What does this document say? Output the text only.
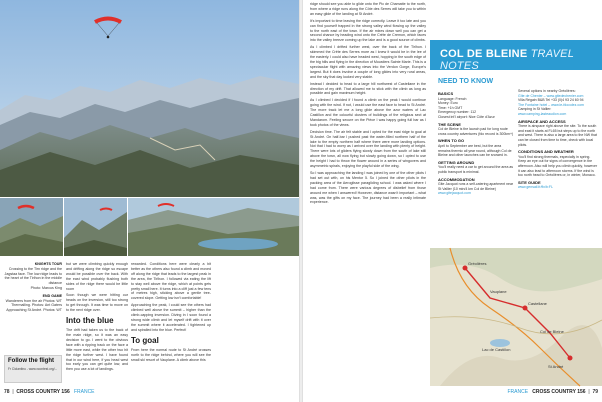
KNIGHTS TOUR
Crossing to the Tirn ridge and the Jagstaa face. The low ridge leads to the heart of the Tirlhon in the middle distance
Photo: Marcus King
END GAME
Wanderers from the air Photos: WT
Thermalling. Photos: Ant Gaters
Approaching St André. Photos: WT
Follow the flight
Fr Ciclantinu - www.xcontest.org/...

but we were climbing quickly enough and drifting along the ridge so escape would be possible over the back. With the east wind probably flushing both sides of the ridge there would be little room

Soon though we were hitting our heads on the inversion, still too strong to get through. It was time to move on to the next ridge over.

Into the blue

The drift had taken us to the back of the main ridge, so it was an easy decision to go. I went to the obvious face with a ripping track on the face a little more east, while the other two hit the ridge further west. I have found that in our wind here, if you head west too early you can get quite low, and then you use a lot of landings.

rewarded. Conditions here were clearly a bit better as the others also found a climb and moved off along the ridge that leads to the largest peak in the area, the Tirlhon. I followed via eating the lift to stay well above the ridge, which at points gets pretty small here. It turns into a cliff just a few tens of metres high, sticking above a gentle tree-covered slope. Getting low isn't comfortable!

Approaching the peak, I could see the others had climbed well above the summit – higher than the climb-capping inversion. Diving in I soon found a strong wide climb and let myself drift with it over the summit where it accelerated. I tightened up and spiralled into the blue. Perfect!

To goal

From here the normal route to St André crosses north to the ridge behind, where you will see the small ski resort of Vauplane. A climb above this

78  |  CROSS COUNTRY 156 FRANCE

ridge should see you able to glide onto the Pic de Chamatte to the north, from where a ridge runs along the Côte des Serres will take you to within an easy glide of the landing at St André.

It's important to time leaving the ridge correctly. Leave it too late and you can find yourself trapped in the strong valley wind flowing up the valley to the north east of the town. If the air mixes down well you can get a second chance by heading wind onto the Crête de Cremon, which faces into the valley breeze coming up the lake and is a good source of climbs.

As I climbed I drifted further west, over the back of the Tirlhon. I skimmed the Crête des Serres more as I knew it would be in the lee of the easterly. I could also have headed west, hopping in the south edge of the big hills and flying in the direction of Moustiers Sainte Marie. This is a spectacular flight with amazing views into the Verdon Gorge, Europe's largest. But it does involve a couple of long glides into very rural areas, and the sky that day looked very stable.

Instead I decided to head to a large hill northwest of Castellane in the direction of my drift. That allowed me to stick with the climb as long as possible and gain maximum height.

As I climbed I decided if I found a climb on the peak I would continue going with the wind. If not, I would use the east face to head to St André. The more track let me a long glide above the azur waters of Lac Castillon and the colourful clusters of buildings of the religious sect at Mandarom. Feeling secure on the Pièce I was happy going full bar as I took photos of the views.

Decision time. The air felt stable and I opted for the east ridge to goal at St André. On half-bar I pushed past the water-filled northern half of the lake to the empty northern half where there were more landing options. Not that I had to worry as I arrived over the landing with plenty of height. There were lots of gliders flying slowly down from the south of lake still above the town, all now flying but slowly going down, so I opted to use the height I had to throw the flower around in a series of wingovers and asymmetric spirals, enjoying the playful side of the wing.

So I was approaching the landing I was joined by one of the other pilots I had set out with, on his Mentor 5. So I joined the other pilots in the packing area of the Aeroglisse paragliding school. I was asked where I had come from. There were various degrees of disbelief from those around me when I answered! However, distance wasn't important – what was, was the gifts on my face. The journey had been a really intimate experience.

COL DE BLEINE TRAVEL NOTES
NEED TO KNOW
BASICS
Language: French
Money: Euro
Time: +1h GMT
Emergency number: 112
Closest int'l airport: Nice Côte d'Azur
THE SCENE
Col de Bleine is the launch pad for long route cross country adventures (fdo record is 300km+)
WHEN TO GO
April to September are best, but the area remains thermic all year round, although Col de Bleine and other launches can be snowed in.
GETTING AROUND
You'll really need a car to get around the area as public transport is minimal.
ACCOMMODATION
Gite Jacquot runs a self-catering apartment near St Vallier (10 min/4 km Col de Bleine)
www.gitejacquot.com
Several options in nearby Gréolières:
Gîte de Chenier – www.gitedechenier.com
Villa Régain B&B Tel +33 (0)4 93 24 60 94
The Fontaine hotel – www.le-fdocolez.com
Camping in St Vallier:
www.camping-lasteaudion.com
AIRSPACE AND ACCESS
There is airspace right above the site. To the south and east it starts at FL65 but steps up to the north and west. There is also a large area to the NW that can be closed from time to time, check with local pilots.
CONDITIONS AND WEATHER
You'll find strong thermals, especially in spring. Keep an eye out for signs of convergence in the afternoon. Also will help you climb quickly, however it can also lead to afternoon storms. If the wind is too north head to Gréolières or, in winter, Monaco.
SITE GUIDE
www.gensail.fr/fix/b:FL
Gréolières
Castellane
Lac de Castillon
St André
Vauplane
Col de Bleine
FRANCE CROSS COUNTRY 156  |  79
